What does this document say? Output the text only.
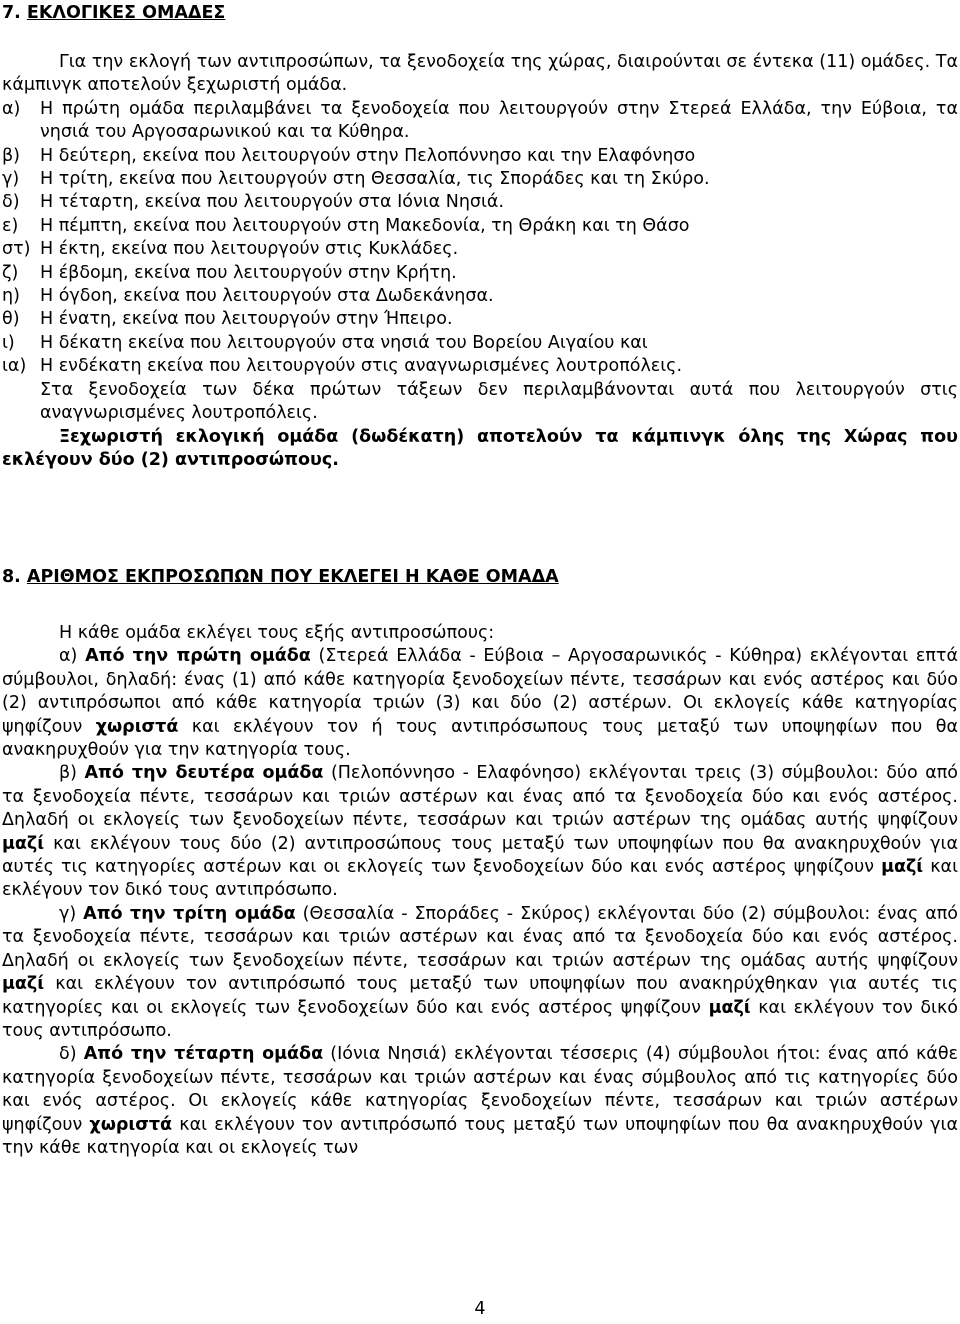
7. ΕΚΛΟΓΙΚΕΣ ΟΜΑΔΕΣ

Για την εκλογή των αντιπροσώπων, τα ξενοδοχεία της χώρας, διαιρούνται σε έντεκα (11) ομάδες. Τα κάμπινγκ αποτελούν ξεχωριστή ομάδα.

α)	Η πρώτη ομάδα περιλαμβάνει τα ξενοδοχεία που λειτουργούν στην Στερεά Ελλάδα, την Εύβοια, τα νησιά του Αργοσαρωνικού και τα Κύθηρα.
β)	Η δεύτερη, εκείνα που λειτουργούν στην Πελοπόννησο και την Ελαφόνησο
γ)	Η τρίτη, εκείνα που λειτουργούν στη Θεσσαλία, τις Σποράδες και τη Σκύρο.
δ)	Η τέταρτη, εκείνα που λειτουργούν στα Ιόνια Νησιά.
ε)	Η πέμπτη, εκείνα που λειτουργούν στη Μακεδονία, τη Θράκη και τη Θάσο
στ) Η έκτη, εκείνα που λειτουργούν στις Κυκλάδες.
ζ)	Η έβδομη, εκείνα που λειτουργούν στην Κρήτη.
η)	Η όγδοη, εκείνα που λειτουργούν στα Δωδεκάνησα.
θ)	Η ένατη, εκείνα που λειτουργούν στην Ήπειρο.
ι)	Η δέκατη εκείνα που λειτουργούν στα νησιά του Βορείου Αιγαίου και
ια) Η ενδέκατη εκείνα που λειτουργούν στις αναγνωρισμένες λουτροπόλεις.

Στα ξενοδοχεία των δέκα πρώτων τάξεων δεν περιλαμβάνονται αυτά που λειτουργούν στις αναγνωρισμένες λουτροπόλεις.

Ξεχωριστή εκλογική ομάδα (δωδέκατη) αποτελούν τα κάμπινγκ όλης της Χώρας που εκλέγουν δύο (2) αντιπροσώπους.

8. ΑΡΙΘΜΟΣ ΕΚΠΡΟΣΩΠΩΝ ΠΟΥ ΕΚΛΕΓΕΙ Η ΚΑΘΕ ΟΜΑΔΑ

Η κάθε ομάδα εκλέγει τους εξής αντιπροσώπους:

α) Από την πρώτη ομάδα (Στερεά Ελλάδα - Εύβοια – Αργοσαρωνικός - Κύθηρα) εκλέγονται επτά σύμβουλοι, δηλαδή: ένας (1) από κάθε κατηγορία ξενοδοχείων πέντε, τεσσάρων και ενός αστέρος και δύο (2) αντιπρόσωποι από κάθε κατηγορία τριών (3) και δύο (2) αστέρων. Οι εκλογείς κάθε κατηγορίας ψηφίζουν χωριστά και εκλέγουν τον ή τους αντιπρόσωπους τους μεταξύ των υποψηφίων που θα ανακηρυχθούν για την κατηγορία τους.

β) Από την δευτέρα ομάδα (Πελοπόννησο - Ελαφόνησο) εκλέγονται τρεις (3) σύμβουλοι: δύο από τα ξενοδοχεία πέντε, τεσσάρων και τριών αστέρων και ένας από τα ξενοδοχεία δύο και ενός αστέρος. Δηλαδή οι εκλογείς των ξενοδοχείων πέντε, τεσσάρων και τριών αστέρων της ομάδας αυτής ψηφίζουν μαζί και εκλέγουν τους δύο (2) αντιπροσώπους τους μεταξύ των υποψηφίων που θα ανακηρυχθούν για αυτές τις κατηγορίες αστέρων και οι εκλογείς των ξενοδοχείων δύο και ενός αστέρος ψηφίζουν μαζί και εκλέγουν τον δικό τους αντιπρόσωπο.

γ) Από την τρίτη ομάδα (Θεσσαλία - Σποράδες - Σκύρος) εκλέγονται δύο (2) σύμβουλοι: ένας από τα ξενοδοχεία πέντε, τεσσάρων και τριών αστέρων και ένας από τα ξενοδοχεία δύο και ενός αστέρος. Δηλαδή οι εκλογείς των ξενοδοχείων πέντε, τεσσάρων και τριών αστέρων της ομάδας αυτής ψηφίζουν μαζί και εκλέγουν τον αντιπρόσωπό τους μεταξύ των υποψηφίων που ανακηρύχθηκαν για αυτές τις κατηγορίες και οι εκλογείς των ξενοδοχείων δύο και ενός αστέρος ψηφίζουν μαζί και εκλέγουν τον δικό τους αντιπρόσωπο.

δ) Από την τέταρτη ομάδα (Ιόνια Νησιά) εκλέγονται τέσσερις (4) σύμβουλοι ήτοι: ένας από κάθε κατηγορία ξενοδοχείων πέντε, τεσσάρων και τριών αστέρων και ένας σύμβουλος από τις κατηγορίες δύο και ενός αστέρος. Οι εκλογείς κάθε κατηγορίας ξενοδοχείων πέντε, τεσσάρων και τριών αστέρων ψηφίζουν χωριστά και εκλέγουν τον αντιπρόσωπό τους μεταξύ των υποψηφίων που θα ανακηρυχθούν για την κάθε κατηγορία και οι εκλογείς των

4
